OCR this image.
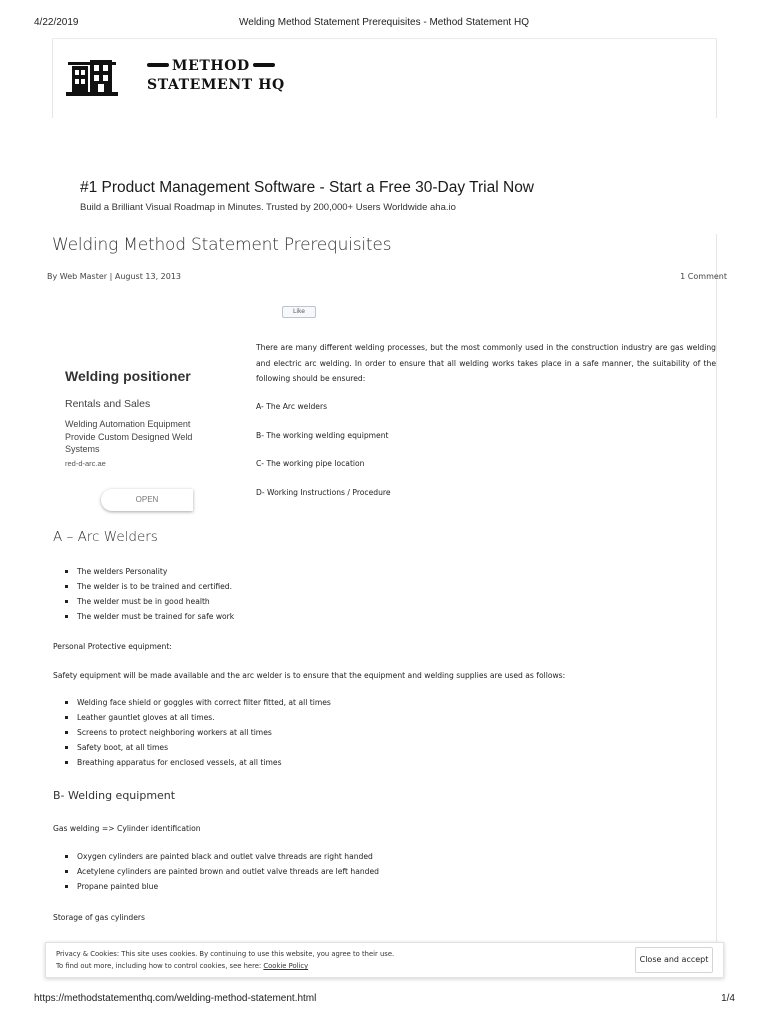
4/22/2019	Welding Method Statement Prerequisites - Method Statement HQ
METHOD
STATEMENT HQ
#1 Product Management Software - Start a Free 30-Day Trial Now
Build a Brilliant Visual Roadmap in Minutes. Trusted by 200,000+ Users Worldwide aha.io
Welding Method Statement Prerequisites
By Web Master | August 13, 2013	1 Comment
Like
Welding positioner
Rentals and Sales
Welding Automation Equipment
Provide Custom Designed Weld
Systems
red-d-arc.ae
OPEN
There are many different welding processes, but the most commonly used in the construction industry are gas welding and electric arc welding. In order to ensure that all welding works takes place in a safe manner, the suitability of the following should be ensured:
A- The Arc welders
B- The working welding equipment
C- The working pipe location
D- Working Instructions / Procedure
A – Arc Welders
The welders Personality
The welder is to be trained and certified.
The welder must be in good health
The welder must be trained for safe work
Personal Protective equipment:
Safety equipment will be made available and the arc welder is to ensure that the equipment and welding supplies are used as follows:
Welding face shield or goggles with correct filter fitted, at all times
Leather gauntlet gloves at all times.
Screens to protect neighboring workers at all times
Safety boot, at all times
Breathing apparatus for enclosed vessels, at all times
B- Welding equipment
Gas welding => Cylinder identification
Oxygen cylinders are painted black and outlet valve threads are right handed
Acetylene cylinders are painted brown and outlet valve threads are left handed
Propane painted blue
Storage of gas cylinders
Privacy & Cookies: This site uses cookies. By continuing to use this website, you agree to their use.
To find out more, including how to control cookies, see here: Cookie Policy
Close and accept
https://methodstatementhq.com/welding-method-statement.html	1/4
